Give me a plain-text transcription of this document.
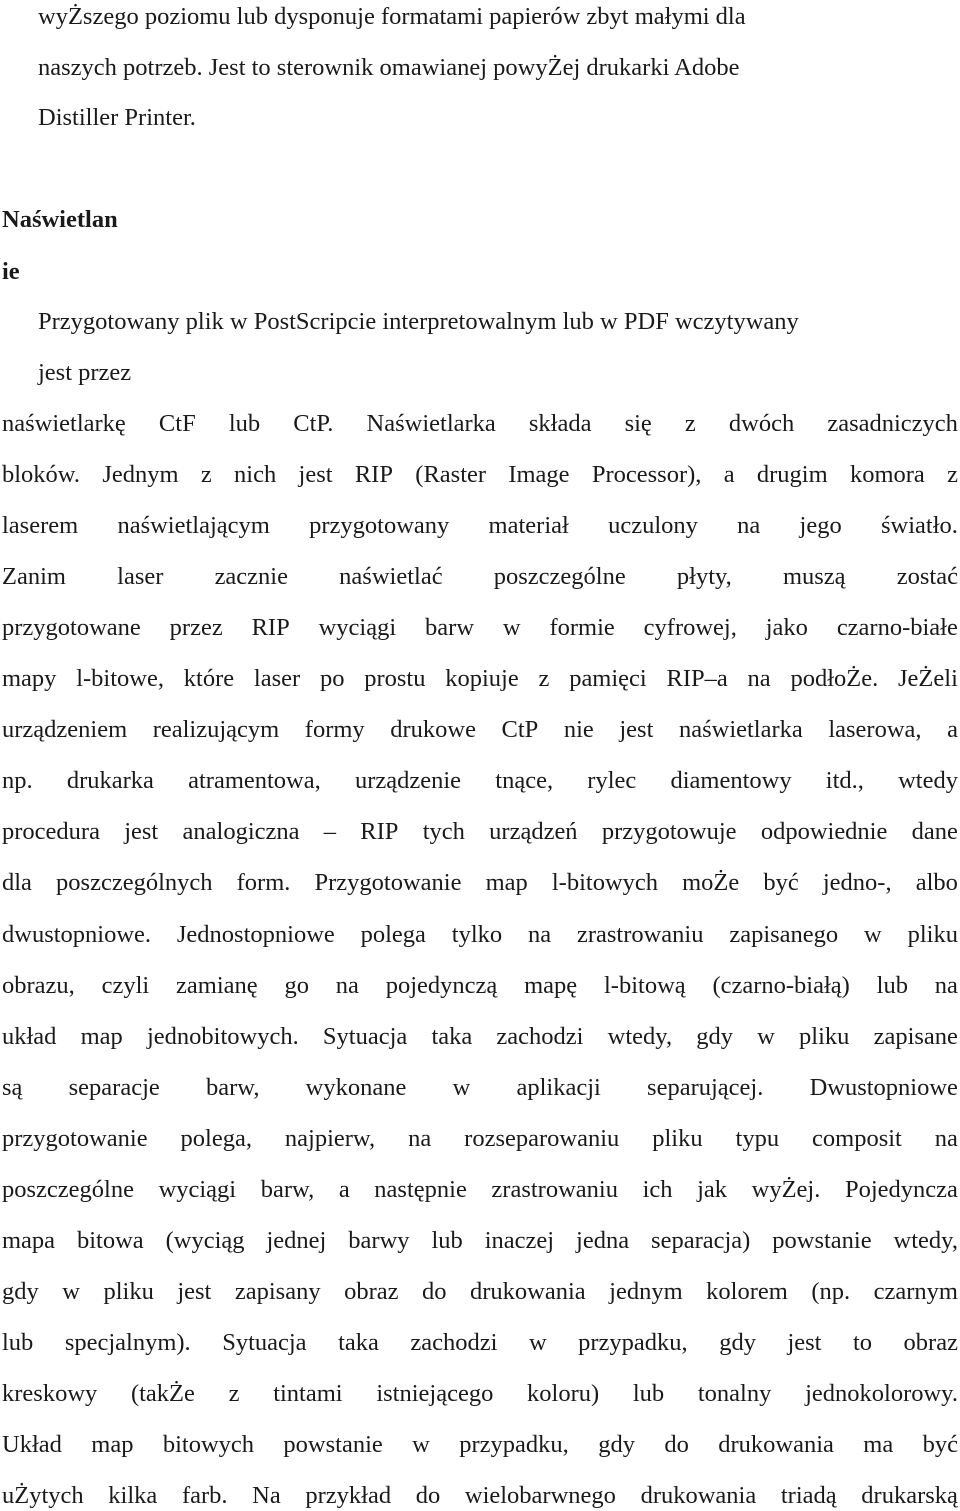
wyŻszego poziomu lub dysponuje formatami papierów zbyt małymi dla
naszych potrzeb. Jest to sterownik omawianej powyŻej drukarki Adobe
Distiller Printer.
Naświetlan
ie
Przygotowany plik w PostScripcie interpretowalnym lub w PDF wczytywany
jest przez
naświetlarkę CtF lub CtP. Naświetlarka składa się z dwóch zasadniczych
bloków. Jednym z nich jest RIP (Raster Image Processor), a drugim komora z
laserem naświetlającym przygotowany materiał uczulony na jego światło.
Zanim laser zacznie naświetlać poszczególne płyty, muszą zostać
przygotowane przez RIP wyciągi barw w formie cyfrowej, jako czarno-białe
mapy l-bitowe, które laser po prostu kopiuje z pamięci RIP–a na podłoŻe. JeŻeli
urządzeniem realizującym formy drukowe CtP nie jest naświetlarka laserowa, a
np. drukarka atramentowa, urządzenie tnące, rylec diamentowy itd., wtedy
procedura jest analogiczna – RIP tych urządzeń przygotowuje odpowiednie dane
dla poszczególnych form. Przygotowanie map l-bitowych moŻe być jedno-, albo
dwustopniowe. Jednostopniowe polega tylko na zrastrowaniu zapisanego w pliku
obrazu, czyli zamianę go na pojedynczą mapę l-bitową (czarno-białą) lub na
układ map jednobitowych. Sytuacja taka zachodzi wtedy, gdy w pliku zapisane
są separacje barw, wykonane w aplikacji separującej. Dwustopniowe
przygotowanie polega, najpierw, na rozseparowaniu pliku typu composit na
poszczególne wyciągi barw, a następnie zrastrowaniu ich jak wyŻej. Pojedyncza
mapa bitowa (wyciąg jednej barwy lub inaczej jedna separacja) powstanie wtedy,
gdy w pliku jest zapisany obraz do drukowania jednym kolorem (np. czarnym
lub specjalnym). Sytuacja taka zachodzi w przypadku, gdy jest to obraz
kreskowy (takŻe z tintami istniejącego koloru) lub tonalny jednokolorowy.
Układ map bitowych powstanie w przypadku, gdy do drukowania ma być
uŻytych kilka farb. Na przykład do wielobarwnego drukowania triadą drukarską
